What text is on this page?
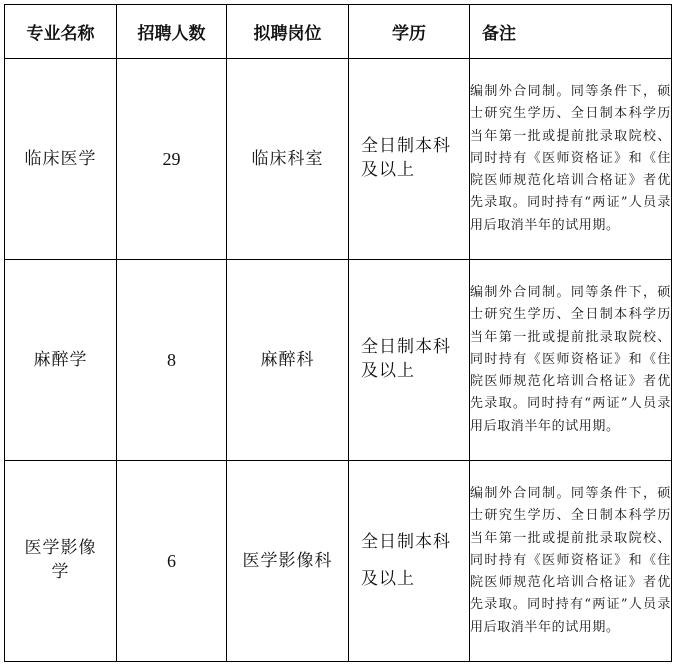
专业名称	招聘人数	拟聘岗位	学历	备注
临床医学	29	临床科室	全日制本科及以上	编制外合同制。同等条件下，硕士研究生学历、全日制本科学历当年第一批或提前批录取院校、同时持有《医师资格证》和《住院医师规范化培训合格证》者优先录取。同时持有“两证”人员录用后取消半年的试用期。
麻醉学	8	麻醉科	全日制本科及以上	编制外合同制。同等条件下，硕士研究生学历、全日制本科学历当年第一批或提前批录取院校、同时持有《医师资格证》和《住院医师规范化培训合格证》者优先录取。同时持有“两证”人员录用后取消半年的试用期。
医学影像学	6	医学影像科	全日制本科及以上	编制外合同制。同等条件下，硕士研究生学历、全日制本科学历当年第一批或提前批录取院校、同时持有《医师资格证》和《住院医师规范化培训合格证》者优先录取。同时持有“两证”人员录用后取消半年的试用期。
